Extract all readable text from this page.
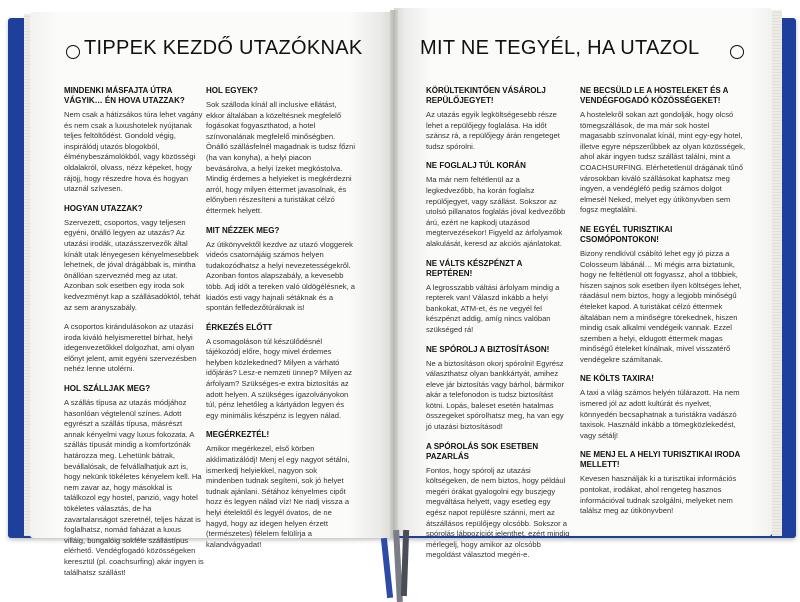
TIPPEK KEZDŐ UTAZÓKNAK	MIT NE TEGYÉL, HA UTAZOL
MINDENKI MÁSFAJTA ÚTRA VÁGYIK… ÉN HOVA UTAZZAK?

Nem csak a hátizsákos túra lehet vagány és nem csak a luxushotelek nyújtanak teljes feltöltődést. Gondold végig, inspirálódj utazós blogokból, élménybeszámolókból, vagy közösségi oldalakról, olvass, nézz képeket, hogy rájöjj, hogy részedre hova és hogyan utaznál szívesen.

HOGYAN UTAZZAK?

Szervezett, csoportos, vagy teljesen egyéni, önálló legyen az utazás? Az utazási irodák, utazásszervezők által kínált utak lényegesen kényelmesebbek lehetnek, de jóval drágábbak is, mintha önállóan szerveznéd meg az utat. Azonban sok esetben egy iroda sok kedvezményt kap a szállásadóktól, tehát az sem aranyszabály.

A csoportos kirándulásokon az utazási iroda kiváló helyismerettel bírhat, helyi idegenvezetőkkel dolgozhat, ami olyan előnyt jelent, amit egyéni szervezésben nehéz lenne utolérni.

HOL SZÁLLJAK MEG?

A szállás típusa az utazás módjához hasonlóan végtelenül színes. Adott egyrészt a szállás típusa, másrészt annak kényelmi vagy luxus fokozata. A szállás típusát mindig a komfortzónák határozza meg. Lehetünk bátrak, bevállalósak, de felvállalhatjuk azt is, hogy nekünk tökéletes kényelem kell. Ha nem zavar az, hogy másokkal is találkozol egy hostel, panzió, vagy hotel tökéletes választás, de ha zavartalanságot szeretnél, teljes házat is foglalhatsz, nomád faházat a luxus villáig, bungalóig sokféle szállástípus elérhető. Vendégfogadó közösségeken keresztül (pl. coachsurfing) akár ingyen is találhatsz szállást!

HOL EGYEK?

Sok szálloda kínál all inclusive ellátást, ekkor általában a közeltésnek megfelelő fogásokat fogyaszthatod, a hotel színvonalának megfelelő minőségben. Önálló szállásfelnél magadnak is tudsz főzni (ha van konyha), a helyi piacon bevásárolva, a helyi ízeket megkóstolva. Mindig érdemes a helyieket is megkérdezni arról, hogy milyen éttermet javasolnak, és előnyben részesíteni a turistákat célzó éttermek helyett.

MIT NÉZZEK MEG?

Az útikönyvektől kezdve az utazó vloggerek videós csatornájáig számos helyen tudakozódhatsz a helyi nevezetességekről. Azonban fontos alapszabály, a kevesebb több. Adj időt a tereken való üldögélésnek, a kiadós esti vagy hajnali sétáknak és a spontán felfedezőtúráknak is!

ÉRKEZÉS ELŐTT

A csomagoláson túl készülődésnél tájékozódj előre, hogy mivel érdemes helyben közlekedned? Milyen a várható időjárás? Lesz-e nemzeti ünnep? Milyen az árfolyam? Szükséges-e extra biztosítás az adott helyen. A szükséges igazolványokon túl, pénz lehetőleg a kártyádon legyen és egy minimális készpénz is legyen nálad.

MEGÉRKEZTÉL!

Amikor megérkezel, első körben akklimatizálódj! Menj el egy nagyot sétálni, ismerkedj helyiekkel, nagyon sok mindenben tudnak segíteni, sok jó helyet tudnak ajánlani. Sétához kényelmes cipőt hozz és legyen nálad víz! Ne riadj vissza a helyi ételektől és legyél óvatos, de ne hagyd, hogy az idegen helyen érzett (természetes) félelem felülírja a kalandvágyadat!

KÖRÜLTEKINTŐEN VÁSÁROLJ REPÜLŐJEGYET!

Az utazás egyik legköltségesebb része lehet a repülőjegy foglalása. Ha időt szánsz rá, a repülőjegy árán rengeteget tudsz spórolni.

NE FOGLALJ TÚL KORÁN

Ma már nem feltétlenül az a legkedvezőbb, ha korán foglalsz repülőjegyet, vagy szállást. Sokszor az utolsó pillanatos foglalás jóval kedvezőbb árú, ezért ne kapkodj utazásod megtervezésekor! Figyeld az árfolyamok alakulását, keresd az akciós ajánlatokat.

NE VÁLTS KÉSZPÉNZT A REPTÉREN!

A legrosszabb váltási árfolyam mindig a repterek van! Válaszd inkább a helyi bankokat, ATM-et, és ne vegyél fel készpénzt addig, amíg nincs valóban szükséged rá!

NE SPÓROLJ A BIZTOSÍTÁSON!

Ne a biztosításon okorj spórolni! Egyrész választhatsz olyan bankkártyát, amihez eleve jár biztosítás vagy bárhol, bármikor akár a telefonodon is tudsz biztosítást kötni. Lopás, baleset esetén hatalmas összegeket spórolhatsz meg, ha van egy jó utazási biztosításod!

A SPÓROLÁS SOK ESETBEN PAZARLÁS

Fontos, hogy spórolj az utazási költségeken, de nem biztos, hogy például megéri órákat gyalogolni egy buszjegy megváltása helyett, vagy esetleg egy egész napot repülésre szánni, mert az átszállásos repülőjegy olcsóbb. Sokszor a spórolás lábpozíciót jelenthet, ezért mindig mérlegelj, hogy amikor az olcsóbb megoldást választod megéri-e.

NE BECSÜLD LE A HOSTELEKET ÉS A VENDÉGFOGADÓ KÖZÖSSÉGEKET!

A hostelekről sokan azt gondolják, hogy olcsó tömegszállások, de ma már sok hostel magasabb színvonalat kínál, mint egy-egy hotel, illetve egyre népszerűbbek az olyan közösségek, ahol akár ingyen tudsz szállást találni, mint a COACHSURFING. Elérhetetlenül drágának tűnő városokban kiváló szállásokat kaphatsz meg ingyen, a vendégléfó pedig számos dolgot elmesél Neked, melyet egy útikönyvben sem fogsz megtalálni.

NE EGYÉL TURISZTIKAI CSOMÓPONTOKON!

Bizony rendkívül csábító lehet egy jó pizza a Colosseum lábánál… Mi mégis arra biztatunk, hogy ne feltétlenül ott fogyassz, ahol a többiek, hiszen sajnos sok esetben ilyen költséges lehet, ráadásul nem biztos, hogy a legjobb minőségű ételeket kapod. A turistákat célzó éttermek általában nem a minőségre törekednek, hiszen mindig csak alkalmi vendégeik vannak. Ezzel szemben a helyi, eldugott éttermek magas minőségű ételeket kínálnak, mivel visszatérő vendégekre számítanak.

NE KÖLTS TAXIRA!

A taxi a világ számos helyén túlárazott. Ha nem ismered jól az adott kultúrát és nyelvet, könnyedén becsaphatnak a turistákra vadászó taxisok. Használd inkább a tömegközlekedést, vagy sétálj!

NE MENJ EL A HELYI TURISZTIKAI IRODA MELLETT!

Kevesen használják ki a turisztikai információs pontokat, irodákat, ahol rengeteg hasznos információval tudnak szolgálni, melyeket nem találsz meg az útikönyvben!
